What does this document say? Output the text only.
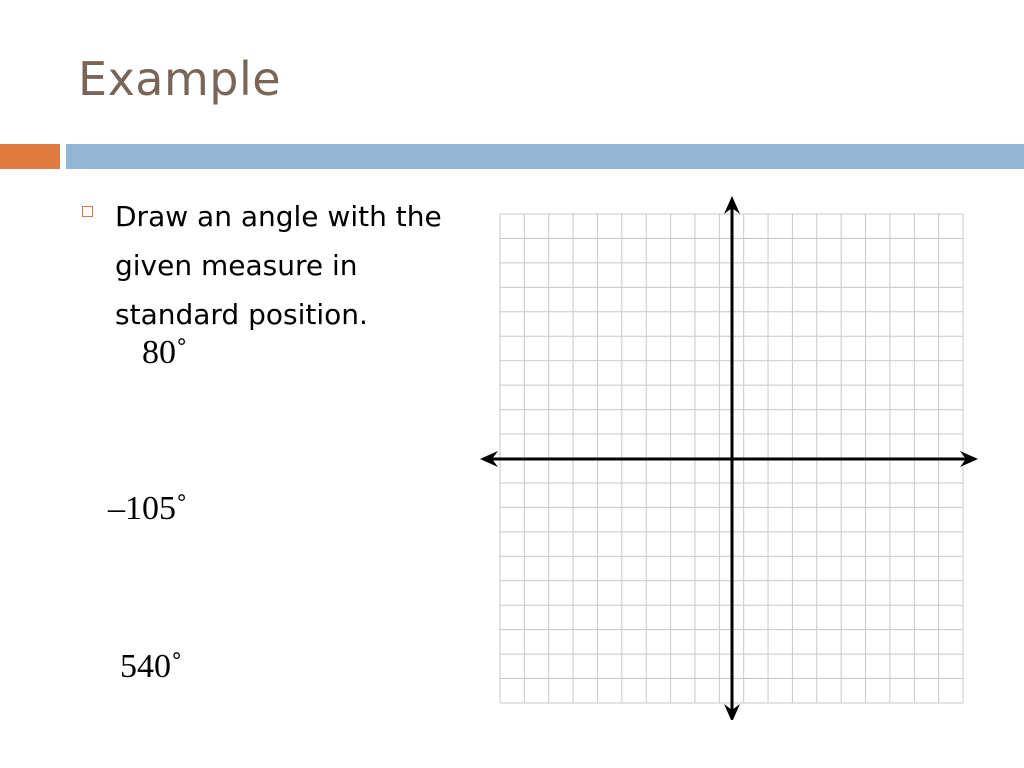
Example
Draw an angle with the given measure in standard position.
80˚
–105˚
540˚
